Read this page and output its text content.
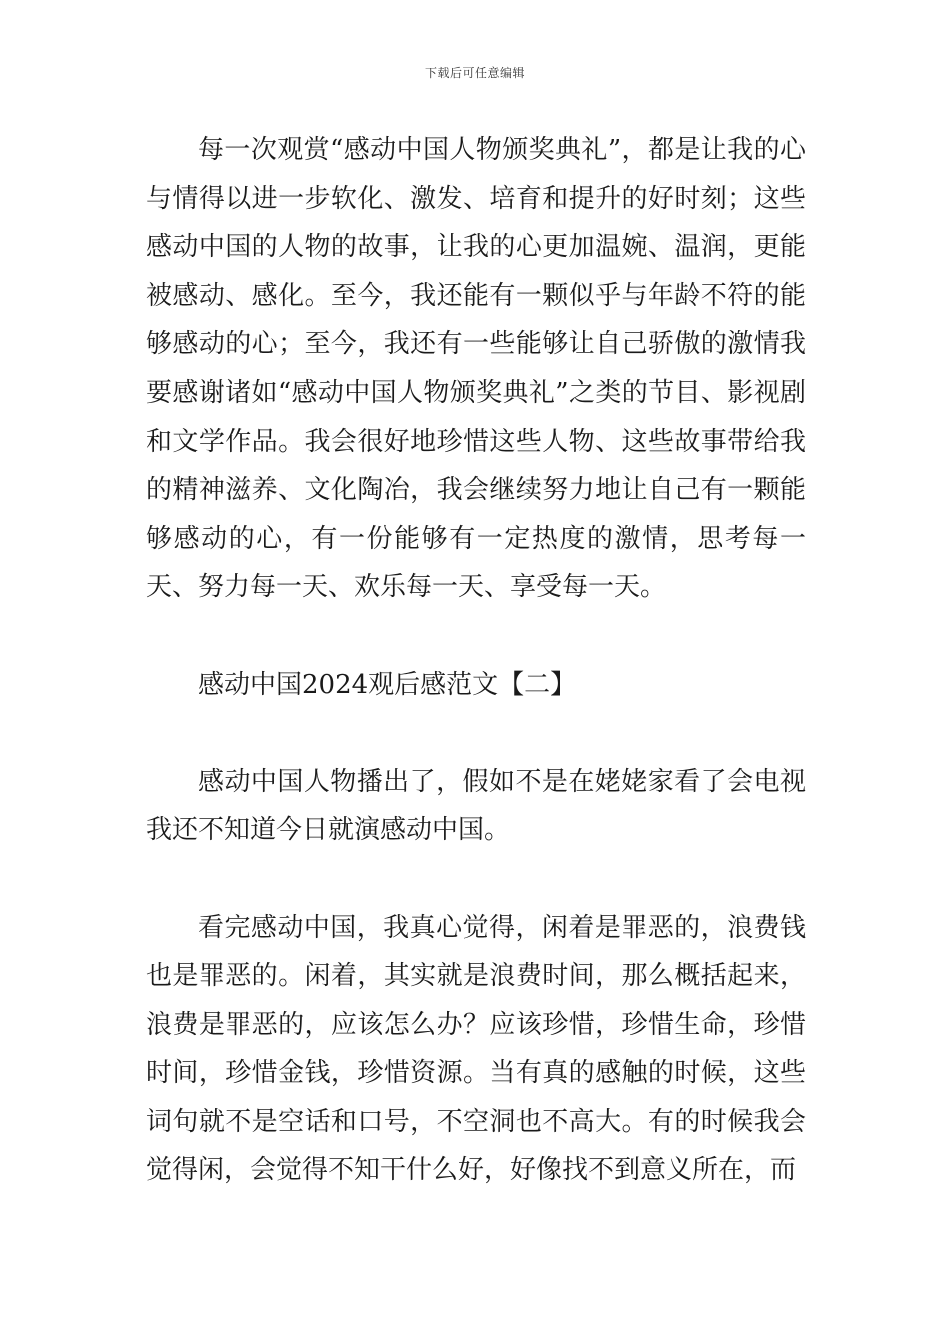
下载后可任意编辑

每一次观赏“感动中国人物颁奖典礼”，都是让我的心与情得以进一步软化、激发、培育和提升的好时刻；这些感动中国的人物的故事，让我的心更加温婉、温润，更能被感动、感化。至今，我还能有一颗似乎与年龄不符的能够感动的心；至今，我还有一些能够让自己骄傲的激情我要感谢诸如“感动中国人物颁奖典礼”之类的节目、影视剧和文学作品。我会很好地珍惜这些人物、这些故事带给我的精神滋养、文化陶冶，我会继续努力地让自己有一颗能够感动的心，有一份能够有一定热度的激情，思考每一天、努力每一天、欢乐每一天、享受每一天。

感动中国2024观后感范文【二】

感动中国人物播出了，假如不是在姥姥家看了会电视我还不知道今日就演感动中国。

看完感动中国，我真心觉得，闲着是罪恶的，浪费钱也是罪恶的。闲着，其实就是浪费时间，那么概括起来，浪费是罪恶的，应该怎么办？应该珍惜，珍惜生命，珍惜时间，珍惜金钱，珍惜资源。当有真的感触的时候，这些词句就不是空话和口号，不空洞也不高大。有的时候我会觉得闲，会觉得不知干什么好，好像找不到意义所在，而
